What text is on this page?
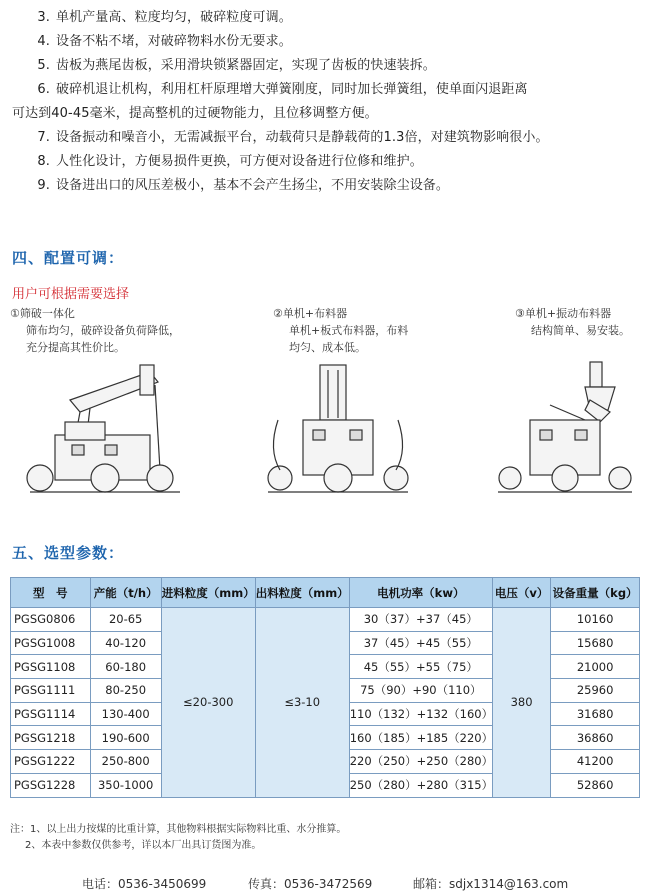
3. 单机产量高、粒度均匀，破碎粒度可调。
4. 设备不粘不堵，对破碎物料水份无要求。
5. 齿板为燕尾齿板，采用滑块锁紧器固定，实现了齿板的快速装拆。
6. 破碎机退让机构，利用杠杆原理增大弹簧刚度，同时加长弹簧组，使单面闪退距离
可达到40-45毫米，提高整机的过硬物能力，且位移调整方便。
7. 设备振动和噪音小，无需减振平台，动载荷只是静载荷的1.3倍，对建筑物影响很小。
8. 人性化设计，方便易损件更换，可方便对设备进行位修和维护。
9. 设备进出口的风压差极小，基本不会产生扬尘，不用安装除尘设备。
四、配置可调：
用户可根据需要选择
①筛破一体化
筛布均匀，破碎设备负荷降低，
充分提高其性价比。
②单机+布料器
单机+板式布料器，布料
均匀、成本低。
③单机+振动布料器
结构简单、易安装。
五、选型参数：
型　号	产能（t/h）	进料粒度（mm）	出料粒度（mm）	电机功率（kw）	电压（v）	设备重量（kg）
PGSG0806	20-65	≤20-300	≤3-10	30（37）+37（45）	380	10160
PGSG1008	40-120			37（45）+45（55）		15680
PGSG1108	60-180			45（55）+55（75）		21000
PGSG1111	80-250			75（90）+90（110）		25960
PGSG1114	130-400			110（132）+132（160）		31680
PGSG1218	190-600			160（185）+185（220）		36860
PGSG1222	250-800			220（250）+250（280）		41200
PGSG1228	350-1000			250（280）+280（315）		52860
注：1、以上出力按煤的比重计算，其他物料根据实际物料比重、水分推算。
2、本表中参数仅供参考，详以本厂出具订货图为准。
电话：0536-3450699	传真：0536-3472569	邮箱：sdjx1314@163.com
